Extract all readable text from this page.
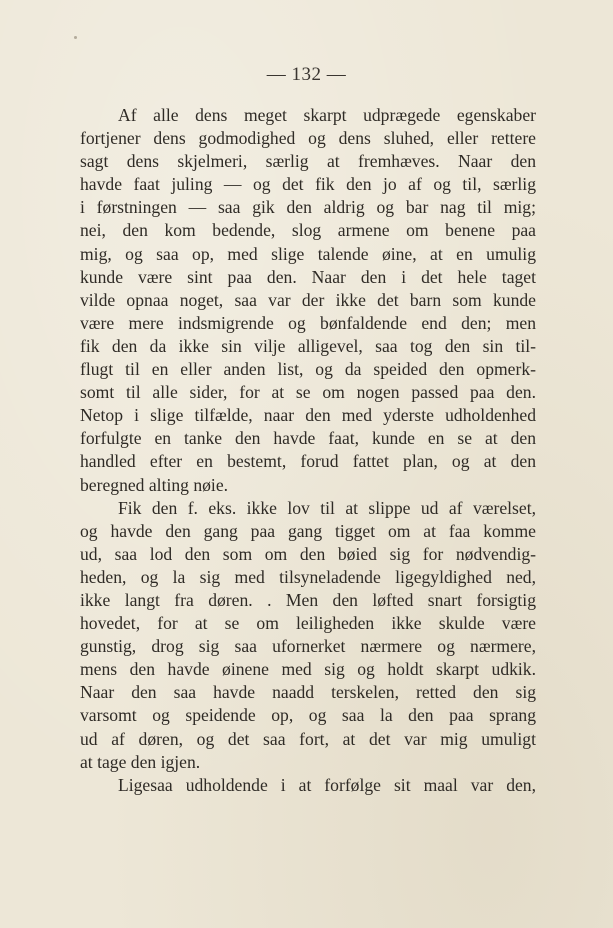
— 132 —
Af alle dens meget skarpt udprægede egenskaber
fortjener dens godmodighed og dens sluhed, eller rettere
sagt dens skjelmeri, særlig at fremhæves. Naar den
havde faat juling — og det fik den jo af og til, særlig
i førstningen — saa gik den aldrig og bar nag til mig;
nei, den kom bedende, slog armene om benene paa
mig, og saa op, med slige talende øine, at en umulig
kunde være sint paa den. Naar den i det hele taget
vilde opnaa noget, saa var der ikke det barn som kunde
være mere indsmigrende og bønfaldende end den; men
fik den da ikke sin vilje alligevel, saa tog den sin til-
flugt til en eller anden list, og da speided den opmerk-
somt til alle sider, for at se om nogen passed paa den.
Netop i slige tilfælde, naar den med yderste udholdenhed
forfulgte en tanke den havde faat, kunde en se at den
handled efter en bestemt, forud fattet plan, og at den
beregned alting nøie.
Fik den f. eks. ikke lov til at slippe ud af værelset,
og havde den gang paa gang tigget om at faa komme
ud, saa lod den som om den bøied sig for nødvendig-
heden, og la sig med tilsyneladende ligegyldighed ned,
ikke langt fra døren. . Men den løfted snart forsigtig
hovedet, for at se om leiligheden ikke skulde være
gunstig, drog sig saa ufornerket nærmere og nærmere,
mens den havde øinene med sig og holdt skarpt udkik.
Naar den saa havde naadd terskelen, retted den sig
varsomt og speidende op, og saa la den paa sprang
ud af døren, og det saa fort, at det var mig umuligt
at tage den igjen.
Ligesaa udholdende i at forfølge sit maal var den,
